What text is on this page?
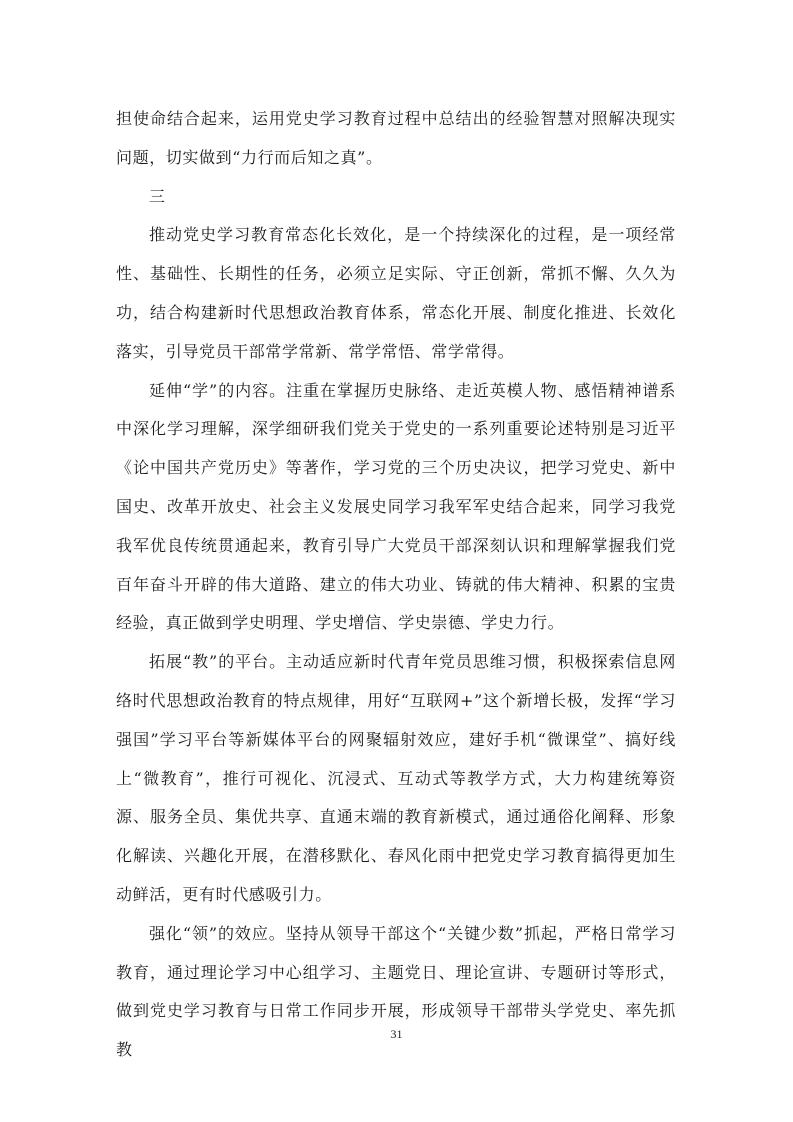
担使命结合起来，运用党史学习教育过程中总结出的经验智慧对照解决现实问题，切实做到“力行而后知之真”。

三

推动党史学习教育常态化长效化，是一个持续深化的过程，是一项经常性、基础性、长期性的任务，必须立足实际、守正创新，常抓不懈、久久为功，结合构建新时代思想政治教育体系，常态化开展、制度化推进、长效化落实，引导党员干部常学常新、常学常悟、常学常得。

延伸“学”的内容。注重在掌握历史脉络、走近英模人物、感悟精神谱系中深化学习理解，深学细研我们党关于党史的一系列重要论述特别是习近平《论中国共产党历史》等著作，学习党的三个历史决议，把学习党史、新中国史、改革开放史、社会主义发展史同学习我军军史结合起来，同学习我党我军优良传统贯通起来，教育引导广大党员干部深刻认识和理解掌握我们党百年奋斗开辟的伟大道路、建立的伟大功业、铸就的伟大精神、积累的宝贵经验，真正做到学史明理、学史增信、学史崇德、学史力行。

拓展“教”的平台。主动适应新时代青年党员思维习惯，积极探索信息网络时代思想政治教育的特点规律，用好“互联网+”这个新增长极，发挥“学习强国”学习平台等新媒体平台的网聚辐射效应，建好手机“微课堂”、搞好线上“微教育”，推行可视化、沉浸式、互动式等教学方式，大力构建统筹资源、服务全员、集优共享、直通末端的教育新模式，通过通俗化阐释、形象化解读、兴趣化开展，在潜移默化、春风化雨中把党史学习教育搞得更加生动鲜活，更有时代感吸引力。

强化“领”的效应。坚持从领导干部这个“关键少数”抓起，严格日常学习教育，通过理论学习中心组学习、主题党日、理论宣讲、专题研讨等形式，做到党史学习教育与日常工作同步开展，形成领导干部带头学党史、率先抓教

31
